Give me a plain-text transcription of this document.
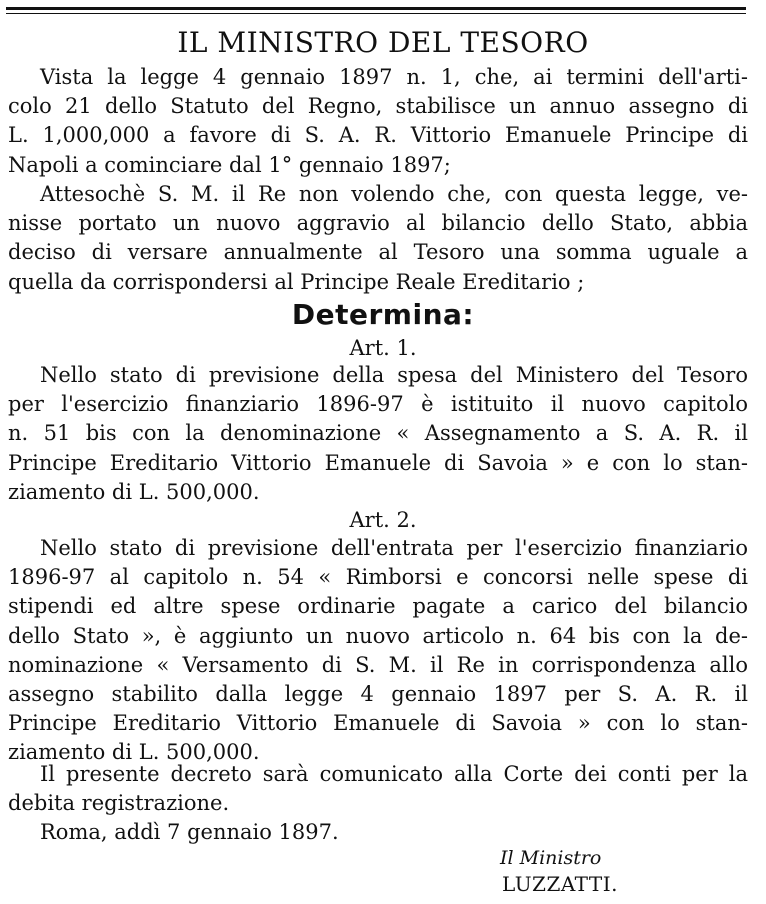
IL MINISTRO DEL TESORO
Vista la legge 4 gennaio 1897 n. 1, che, ai termini dell'arti-
colo 21 dello Statuto del Regno, stabilisce un annuo assegno di
L. 1,000,000 a favore di S. A. R. Vittorio Emanuele Principe di
Napoli a cominciare dal 1° gennaio 1897;
Attesochè S. M. il Re non volendo che, con questa legge, ve-
nisse portato un nuovo aggravio al bilancio dello Stato, abbia
deciso di versare annualmente al Tesoro una somma uguale a
quella da corrispondersi al Principe Reale Ereditario ;
Determina:
Art. 1.
Nello stato di previsione della spesa del Ministero del Tesoro
per l'esercizio finanziario 1896-97 è istituito il nuovo capitolo
n. 51 bis con la denominazione « Assegnamento a S. A. R. il
Principe Ereditario Vittorio Emanuele di Savoia » e con lo stan-
ziamento di L. 500,000.
Art. 2.
Nello stato di previsione dell'entrata per l'esercizio finanziario
1896-97 al capitolo n. 54 « Rimborsi e concorsi nelle spese di
stipendi ed altre spese ordinarie pagate a carico del bilancio
dello Stato », è aggiunto un nuovo articolo n. 64 bis con la de-
nominazione « Versamento di S. M. il Re in corrispondenza allo
assegno stabilito dalla legge 4 gennaio 1897 per S. A. R. il
Principe Ereditario Vittorio Emanuele di Savoia » con lo stan-
ziamento di L. 500,000.
Il presente decreto sarà comunicato alla Corte dei conti per la
debita registrazione.
Roma, addì 7 gennaio 1897.
Il Ministro
LUZZATTI.
